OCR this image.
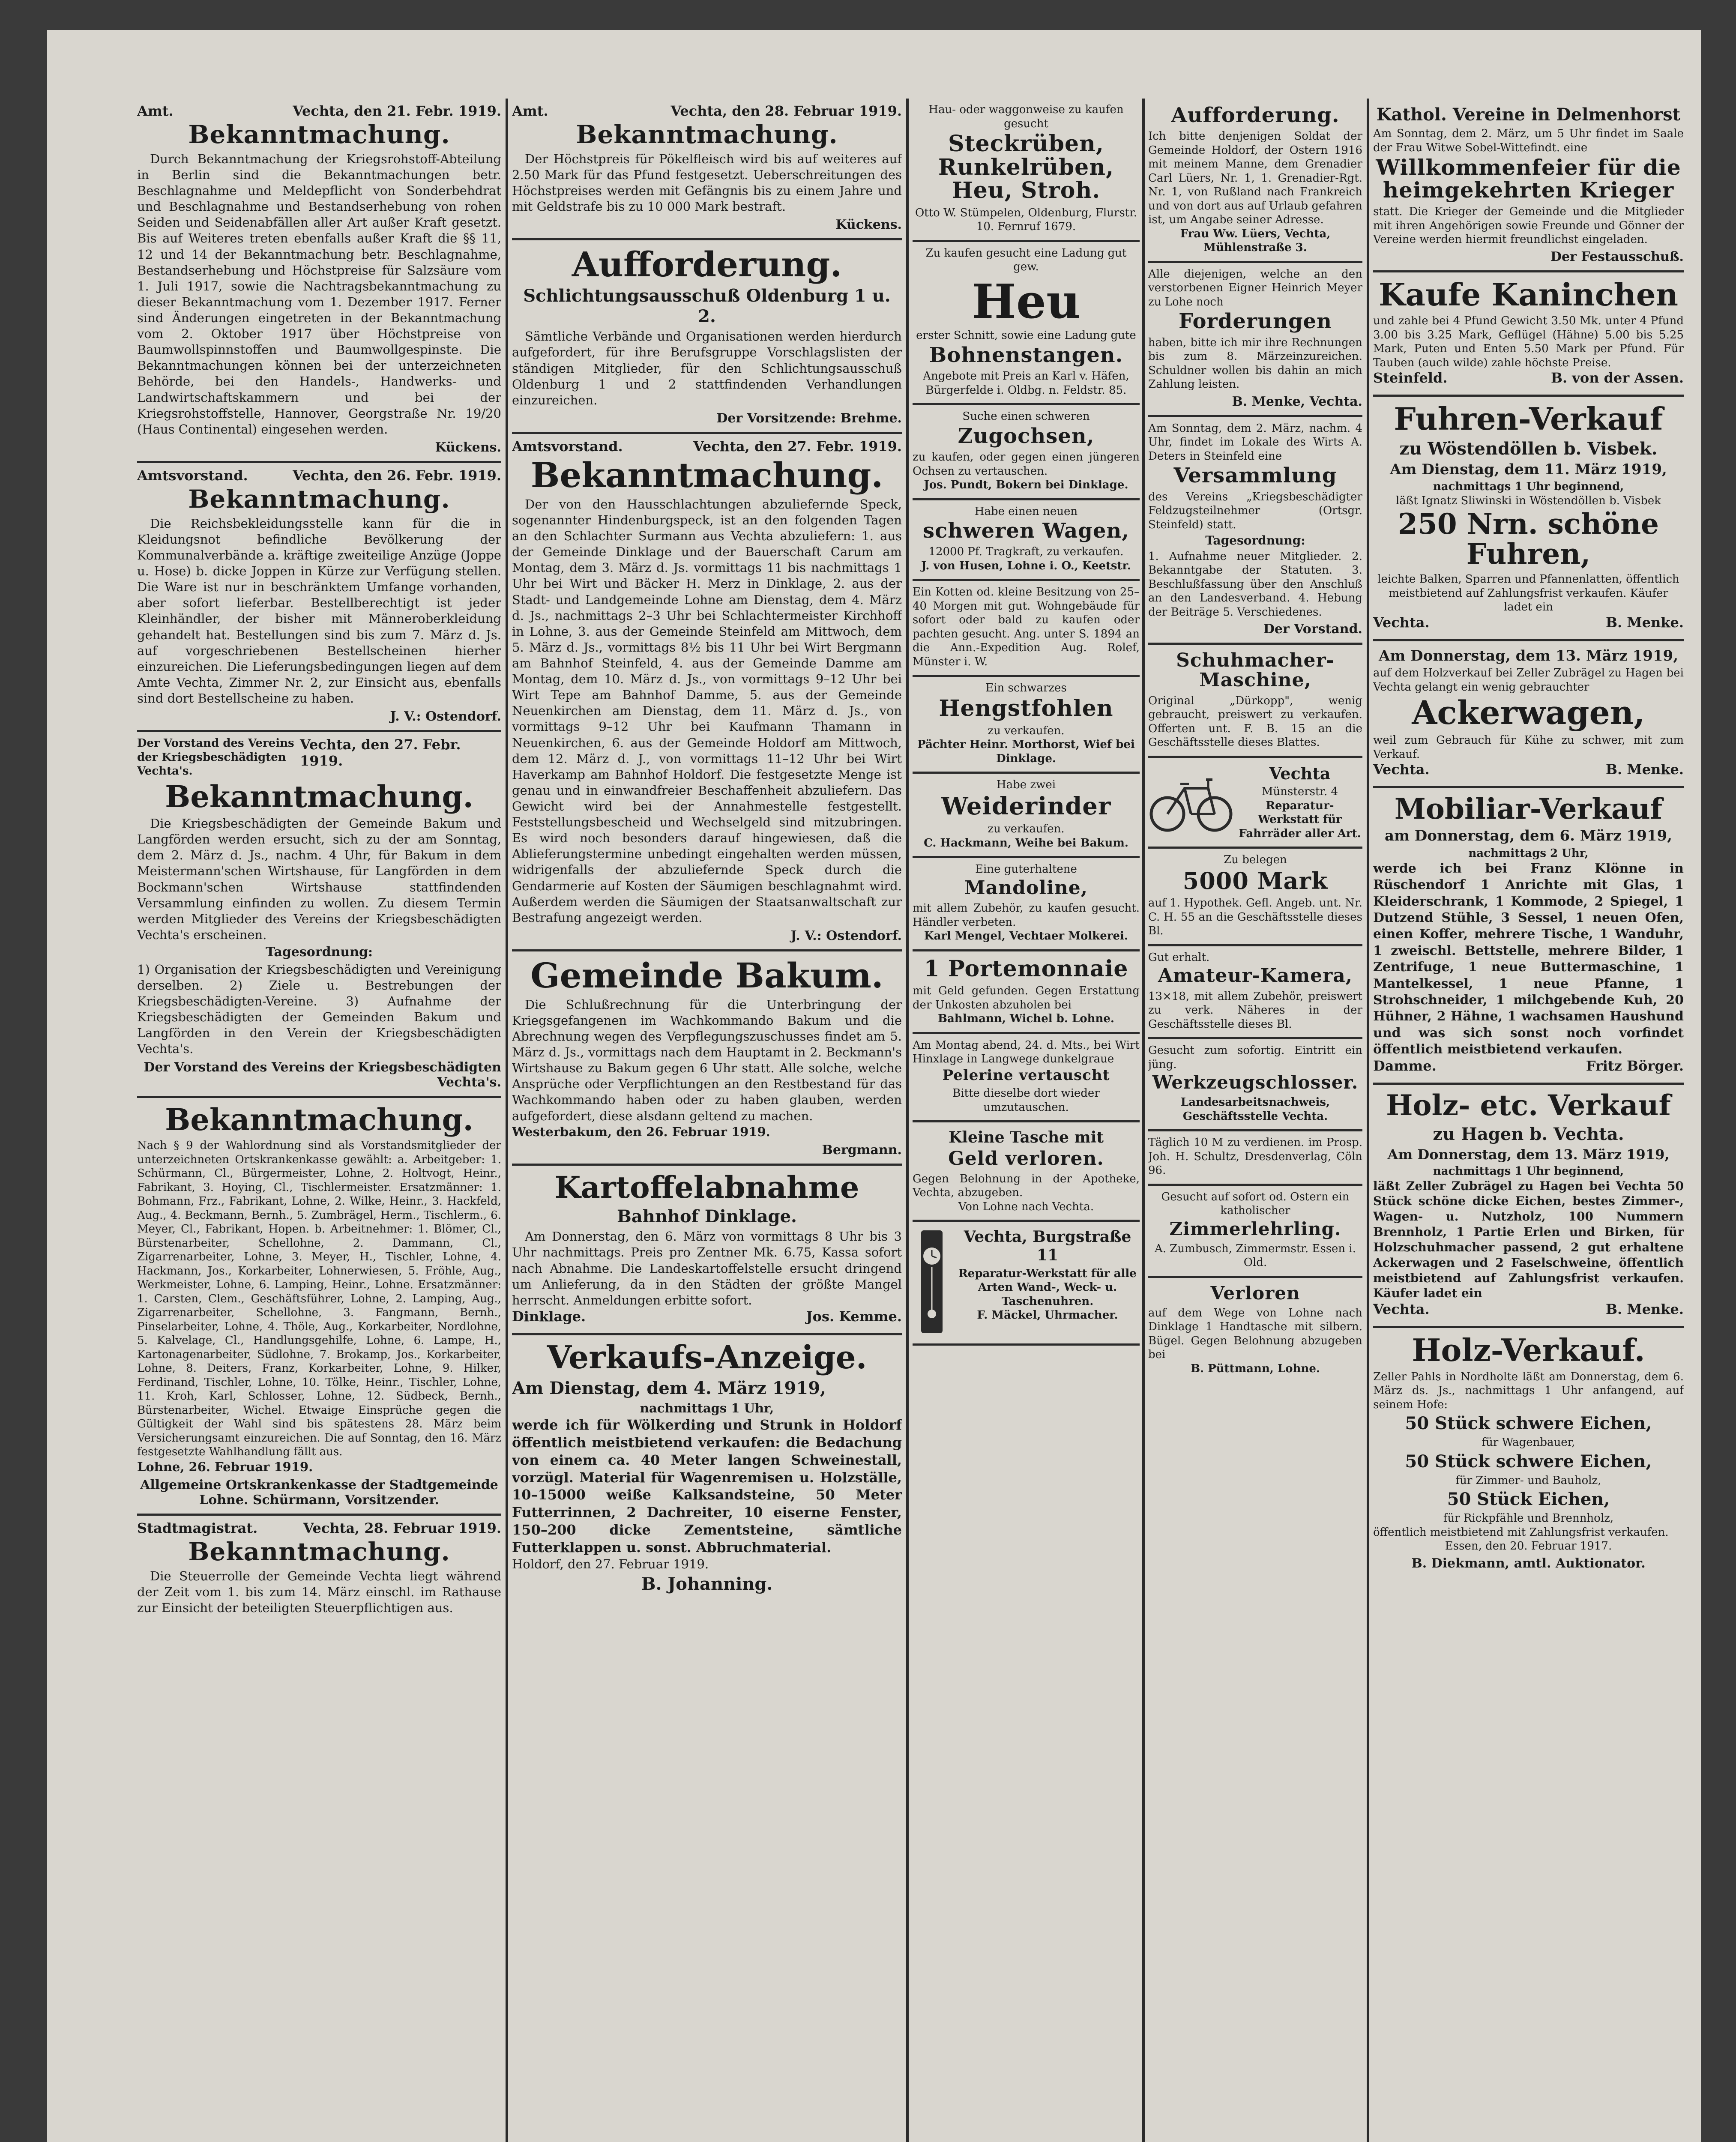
Amt.	Vechta, den 21. Febr. 1919.
Bekanntmachung.
Durch Bekanntmachung der Kriegsrohstoff-Abteilung in Berlin sind die Bekanntmachungen betr. Beschlagnahme und Meldepflicht von Sonderbehdrat und Beschlagnahme und Bestandserhebung von rohen Seiden und Seidenabfällen aller Art außer Kraft gesetzt. Bis auf Weiteres treten ebenfalls außer Kraft die §§ 11, 12 und 14 der Bekanntmachung betr. Beschlagnahme, Bestandserhebung und Höchstpreise für Salzsäure vom 1. Juli 1917, sowie die Nachtragsbekanntmachung zu dieser Bekanntmachung vom 1. Dezember 1917. Ferner sind Änderungen eingetreten in der Bekanntmachung vom 2. Oktober 1917 über Höchstpreise von Baumwollspinnstoffen und Baumwollgespinste. Die Bekanntmachungen können bei der unterzeichneten Behörde, bei den Handels-, Handwerks- und Landwirtschaftskammern und bei der Kriegsrohstoffstelle, Hannover, Georgstraße Nr. 19/20 (Haus Continental) eingesehen werden.
Kückens.
Amtsvorstand.	Vechta, den 26. Febr. 1919.
Bekanntmachung.
Die Reichsbekleidungsstelle kann für die in Kleidungsnot befindliche Bevölkerung der Kommunalverbände a. kräftige zweiteilige Anzüge (Joppe u. Hose) b. dicke Joppen in Kürze zur Verfügung stellen. Die Ware ist nur in beschränktem Umfange vorhanden, aber sofort lieferbar. Bestellberechtigt ist jeder Kleinhändler, der bisher mit Männeroberkleidung gehandelt hat. Bestellungen sind bis zum 7. März d. Js. auf vorgeschriebenen Bestellscheinen hierher einzureichen. Die Lieferungsbedingungen liegen auf dem Amte Vechta, Zimmer Nr. 2, zur Einsicht aus, ebenfalls sind dort Bestellscheine zu haben.
J. V.: Ostendorf.
Der Vorstand des Vereins der Kriegsbeschädigten Vechta's.
Vechta, den 27. Febr. 1919.
Bekanntmachung.
Die Kriegsbeschädigten der Gemeinde Bakum und Langförden werden ersucht, sich zu der am Sonntag, dem 2. März d. Js., nachm. 4 Uhr, für Bakum in dem Meistermann'schen Wirtshause, für Langförden in dem Bockmann'schen Wirtshause stattfindenden Versammlung einfinden zu wollen. Zu diesem Termin werden Mitglieder des Vereins der Kriegsbeschädigten Vechta's erscheinen.
Tagesordnung:
1) Organisation der Kriegsbeschädigten und Vereinigung derselben. 2) Ziele u. Bestrebungen der Kriegsbeschädigten-Vereine. 3) Aufnahme der Kriegsbeschädigten der Gemeinden Bakum und Langförden in den Verein der Kriegsbeschädigten Vechta's.
Der Vorstand des Vereins der Kriegsbeschädigten Vechta's.
Bekanntmachung.
Nach § 9 der Wahlordnung sind als Vorstandsmitglieder der unterzeichneten Ortskrankenkasse gewählt: a. Arbeitgeber: 1. Schürmann, Cl., Bürgermeister, Lohne, 2. Holtvogt, Heinr., Fabrikant, 3. Hoying, Cl., Tischlermeister. Ersatzmänner: 1. Bohmann, Frz., Fabrikant, Lohne, 2. Wilke, Heinr., 3. Hackfeld, Aug., 4. Beckmann, Bernh., 5. Zumbrägel, Herm., Tischlerm., 6. Meyer, Cl., Fabrikant, Hopen. b. Arbeitnehmer: 1. Blömer, Cl., Bürstenarbeiter, Schellohne, 2. Dammann, Cl., Zigarrenarbeiter, Lohne, 3. Meyer, H., Tischler, Lohne, 4. Hackmann, Jos., Korkarbeiter, Lohnerwiesen, 5. Fröhle, Aug., Werkmeister, Lohne, 6. Lamping, Heinr., Lohne. Ersatzmänner: 1. Carsten, Clem., Geschäftsführer, Lohne, 2. Lamping, Aug., Zigarrenarbeiter, Schellohne, 3. Fangmann, Bernh., Pinselarbeiter, Lohne, 4. Thöle, Aug., Korkarbeiter, Nordlohne, 5. Kalvelage, Cl., Handlungsgehilfe, Lohne, 6. Lampe, H., Kartonagenarbeiter, Südlohne, 7. Brokamp, Jos., Korkarbeiter, Lohne, 8. Deiters, Franz, Korkarbeiter, Lohne, 9. Hilker, Ferdinand, Tischler, Lohne, 10. Tölke, Heinr., Tischler, Lohne, 11. Kroh, Karl, Schlosser, Lohne, 12. Südbeck, Bernh., Bürstenarbeiter, Wichel. Etwaige Einsprüche gegen die Gültigkeit der Wahl sind bis spätestens 28. März beim Versicherungsamt einzureichen. Die auf Sonntag, den 16. März festgesetzte Wahlhandlung fällt aus.
Lohne, 26. Februar 1919.
Allgemeine Ortskrankenkasse der Stadtgemeinde Lohne. Schürmann, Vorsitzender.
Stadtmagistrat.	Vechta, 28. Februar 1919.
Bekanntmachung.
Die Steuerrolle der Gemeinde Vechta liegt während der Zeit vom 1. bis zum 14. März einschl. im Rathause zur Einsicht der beteiligten Steuerpflichtigen aus.
Amt.	Vechta, den 28. Februar 1919.
Bekanntmachung.
Der Höchstpreis für Pökelfleisch wird bis auf weiteres auf 2.50 Mark für das Pfund festgesetzt. Ueberschreitungen des Höchstpreises werden mit Gefängnis bis zu einem Jahre und mit Geldstrafe bis zu 10 000 Mark bestraft.
Kückens.
Aufforderung.
Schlichtungsausschuß Oldenburg 1 u. 2.
Sämtliche Verbände und Organisationen werden hierdurch aufgefordert, für ihre Berufsgruppe Vorschlagslisten der ständigen Mitglieder, für den Schlichtungsausschuß Oldenburg 1 und 2 stattfindenden Verhandlungen einzureichen.
Der Vorsitzende: Brehme.
Amtsvorstand.	Vechta, den 27. Febr. 1919.
Bekanntmachung.
Der von den Hausschlachtungen abzuliefernde Speck, sogenannter Hindenburgspeck, ist an den folgenden Tagen an den Schlachter Surmann aus Vechta abzuliefern: 1. aus der Gemeinde Dinklage und der Bauerschaft Carum am Montag, dem 3. März d. Js. vormittags 11 bis nachmittags 1 Uhr bei Wirt und Bäcker H. Merz in Dinklage, 2. aus der Stadt- und Landgemeinde Lohne am Dienstag, dem 4. März d. Js., nachmittags 2–3 Uhr bei Schlachtermeister Kirchhoff in Lohne, 3. aus der Gemeinde Steinfeld am Mittwoch, dem 5. März d. Js., vormittags 8½ bis 11 Uhr bei Wirt Bergmann am Bahnhof Steinfeld, 4. aus der Gemeinde Damme am Montag, dem 10. März d. Js., von vormittags 9–12 Uhr bei Wirt Tepe am Bahnhof Damme, 5. aus der Gemeinde Neuenkirchen am Dienstag, dem 11. März d. Js., von vormittags 9–12 Uhr bei Kaufmann Thamann in Neuenkirchen, 6. aus der Gemeinde Holdorf am Mittwoch, dem 12. März d. J., von vormittags 11–12 Uhr bei Wirt Haverkamp am Bahnhof Holdorf. Die festgesetzte Menge ist genau und in einwandfreier Beschaffenheit abzuliefern. Das Gewicht wird bei der Annahmestelle festgestellt. Feststellungsbescheid und Wechselgeld sind mitzubringen. Es wird noch besonders darauf hingewiesen, daß die Ablieferungstermine unbedingt eingehalten werden müssen, widrigenfalls der abzuliefernde Speck durch die Gendarmerie auf Kosten der Säumigen beschlagnahmt wird. Außerdem werden die Säumigen der Staatsanwaltschaft zur Bestrafung angezeigt werden.
J. V.: Ostendorf.
Gemeinde Bakum.
Die Schlußrechnung für die Unterbringung der Kriegsgefangenen im Wachkommando Bakum und die Abrechnung wegen des Verpflegungszuschusses findet am 5. März d. Js., vormittags nach dem Hauptamt in 2. Beckmann's Wirtshause zu Bakum gegen 6 Uhr statt. Alle solche, welche Ansprüche oder Verpflichtungen an den Restbestand für das Wachkommando haben oder zu haben glauben, werden aufgefordert, diese alsdann geltend zu machen.
Westerbakum, den 26. Februar 1919.
Bergmann.
Kartoffelabnahme
Bahnhof Dinklage.
Am Donnerstag, den 6. März von vormittags 8 Uhr bis 3 Uhr nachmittags. Preis pro Zentner Mk. 6.75, Kassa sofort nach Abnahme. Die Landeskartoffelstelle ersucht dringend um Anlieferung, da in den Städten der größte Mangel herrscht. Anmeldungen erbitte sofort.
Dinklage.	Jos. Kemme.
Verkaufs-Anzeige.
Am Dienstag, dem 4. März 1919,
nachmittags 1 Uhr,
werde ich für Wölkerding und Strunk in Holdorf öffentlich meistbietend verkaufen: die Bedachung von einem ca. 40 Meter langen Schweinestall, vorzügl. Material für Wagenremisen u. Holzställe, 10–15000 weiße Kalksandsteine, 50 Meter Futterrinnen, 2 Dachreiter, 10 eiserne Fenster, 150–200 dicke Zementsteine, sämtliche Futterklappen u. sonst. Abbruchmaterial.
Holdorf, den 27. Februar 1919.
B. Johanning.
Hau- oder waggonweise zu kaufen gesucht
Steckrüben, Runkelrüben, Heu, Stroh.
Otto W. Stümpelen, Oldenburg, Flurstr. 10. Fernruf 1679.
Zu kaufen gesucht eine Ladung gut gew.
Heu
erster Schnitt, sowie eine Ladung gute
Bohnenstangen.
Angebote mit Preis an Karl v. Häfen, Bürgerfelde i. Oldbg. n. Feldstr. 85.
Suche einen schweren
Zugochsen,
zu kaufen, oder gegen einen jüngeren Ochsen zu vertauschen.
Jos. Pundt, Bokern bei Dinklage.
Habe einen neuen
schweren Wagen,
12000 Pf. Tragkraft, zu verkaufen.
J. von Husen, Lohne i. O., Keetstr.
Ein Kotten od. kleine Besitzung von 25–40 Morgen mit gut. Wohngebäude für sofort oder bald zu kaufen oder pachten gesucht. Ang. unter S. 1894 an die Ann.-Expedition Aug. Rolef, Münster i. W.
Ein schwarzes
Hengstfohlen
zu verkaufen.
Pächter Heinr. Morthorst, Wief bei Dinklage.
Habe zwei
Weiderinder
zu verkaufen.
C. Hackmann, Weihe bei Bakum.
Eine guterhaltene
Mandoline,
mit allem Zubehör, zu kaufen gesucht. Händler verbeten.
Karl Mengel, Vechtaer Molkerei.
1 Portemonnaie
mit Geld gefunden. Gegen Erstattung der Unkosten abzuholen bei
Bahlmann, Wichel b. Lohne.
Am Montag abend, 24. d. Mts., bei Wirt Hinxlage in Langwege dunkelgraue
Pelerine vertauscht
Bitte dieselbe dort wieder umzutauschen.
Kleine Tasche mit
Geld verloren.
Gegen Belohnung in der Apotheke, Vechta, abzugeben.
Von Lohne nach Vechta.
Vechta, Burgstraße 11
Reparatur-Werkstatt für alle Arten Wand-, Weck- u. Taschenuhren.
F. Mäckel, Uhrmacher.
Aufforderung.
Ich bitte denjenigen Soldat der Gemeinde Holdorf, der Ostern 1916 mit meinem Manne, dem Grenadier Carl Lüers, Nr. 1, 1. Grenadier-Rgt. Nr. 1, von Rußland nach Frankreich und von dort aus auf Urlaub gefahren ist, um Angabe seiner Adresse.
Frau Ww. Lüers, Vechta, Mühlenstraße 3.
Alle diejenigen, welche an den verstorbenen Eigner Heinrich Meyer zu Lohe noch
Forderungen
haben, bitte ich mir ihre Rechnungen bis zum 8. Märzeinzureichen. Schuldner wollen bis dahin an mich Zahlung leisten.
B. Menke, Vechta.
Am Sonntag, dem 2. März, nachm. 4 Uhr, findet im Lokale des Wirts A. Deters in Steinfeld eine
Versammlung
des Vereins „Kriegsbeschädigter Feldzugsteilnehmer (Ortsgr. Steinfeld) statt.
Tagesordnung:
1. Aufnahme neuer Mitglieder. 2. Bekanntgabe der Statuten. 3. Beschlußfassung über den Anschluß an den Landesverband. 4. Hebung der Beiträge 5. Verschiedenes.
Der Vorstand.
Schuhmacher-Maschine,
Original „Dürkopp", wenig gebraucht, preiswert zu verkaufen. Offerten unt. F. B. 15 an die Geschäftsstelle dieses Blattes.
Vechta
Münsterstr. 4
Reparatur-Werkstatt für Fahrräder aller Art.
Zu belegen
5000 Mark
auf 1. Hypothek. Gefl. Angeb. unt. Nr. C. H. 55 an die Geschäftsstelle dieses Bl.
Gut erhalt.
Amateur-Kamera,
13×18, mit allem Zubehör, preiswert zu verk. Näheres in der Geschäftsstelle dieses Bl.
Gesucht zum sofortig. Eintritt ein jüng.
Werkzeugschlosser.
Landesarbeitsnachweis, Geschäftsstelle Vechta.
Täglich 10 M zu verdienen. im Prosp. Joh. H. Schultz, Dresdenverlag, Cöln 96.
Gesucht auf sofort od. Ostern ein katholischer
Zimmerlehrling.
A. Zumbusch, Zimmermstr. Essen i. Old.
Verloren
auf dem Wege von Lohne nach Dinklage 1 Handtasche mit silbern. Bügel. Gegen Belohnung abzugeben bei
B. Püttmann, Lohne.
Kathol. Vereine in Delmenhorst
Am Sonntag, dem 2. März, um 5 Uhr findet im Saale der Frau Witwe Sobel-Wittefindt. eine
Willkommenfeier für die heimgekehrten Krieger
statt. Die Krieger der Gemeinde und die Mitglieder mit ihren Angehörigen sowie Freunde und Gönner der Vereine werden hiermit freundlichst eingeladen.
Der Festausschuß.
Kaufe Kaninchen
und zahle bei 4 Pfund Gewicht 3.50 Mk. unter 4 Pfund 3.00 bis 3.25 Mark, Geflügel (Hähne) 5.00 bis 5.25 Mark, Puten und Enten 5.50 Mark per Pfund. Für Tauben (auch wilde) zahle höchste Preise.
Steinfeld.	B. von der Assen.
Fuhren-Verkauf
zu Wöstendöllen b. Visbek.
Am Dienstag, dem 11. März 1919,
nachmittags 1 Uhr beginnend,
läßt Ignatz Sliwinski in Wöstendöllen b. Visbek
250 Nrn. schöne Fuhren,
leichte Balken, Sparren und Pfannenlatten, öffentlich meistbietend auf Zahlungsfrist verkaufen. Käufer ladet ein
Vechta.	B. Menke.
Am Donnerstag, dem 13. März 1919,
auf dem Holzverkauf bei Zeller Zubrägel zu Hagen bei Vechta gelangt ein wenig gebrauchter
Ackerwagen,
weil zum Gebrauch für Kühe zu schwer, mit zum Verkauf.
Vechta.	B. Menke.
Mobiliar-Verkauf
am Donnerstag, dem 6. März 1919,
nachmittags 2 Uhr,
werde ich bei Franz Klönne in Rüschendorf 1 Anrichte mit Glas, 1 Kleiderschrank, 1 Kommode, 2 Spiegel, 1 Dutzend Stühle, 3 Sessel, 1 neuen Ofen, einen Koffer, mehrere Tische, 1 Wanduhr, 1 zweischl. Bettstelle, mehrere Bilder, 1 Zentrifuge, 1 neue Buttermaschine, 1 Mantelkessel, 1 neue Pfanne, 1 Strohschneider, 1 milchgebende Kuh, 20 Hühner, 2 Hähne, 1 wachsamen Haushund und was sich sonst noch vorfindet öffentlich meistbietend verkaufen.
Damme.	Fritz Börger.
Holz- etc. Verkauf
zu Hagen b. Vechta.
Am Donnerstag, dem 13. März 1919,
nachmittags 1 Uhr beginnend,
läßt Zeller Zubrägel zu Hagen bei Vechta 50 Stück schöne dicke Eichen, bestes Zimmer-, Wagen- u. Nutzholz, 100 Nummern Brennholz, 1 Partie Erlen und Birken, für Holzschuhmacher passend, 2 gut erhaltene Ackerwagen und 2 Faselschweine, öffentlich meistbietend auf Zahlungsfrist verkaufen. Käufer ladet ein
Vechta.	B. Menke.
Holz-Verkauf.
Zeller Pahls in Nordholte läßt am Donnerstag, dem 6. März ds. Js., nachmittags 1 Uhr anfangend, auf seinem Hofe:
50 Stück schwere Eichen,
für Wagenbauer,
50 Stück schwere Eichen,
für Zimmer- und Bauholz,
50 Stück Eichen,
für Rickpfähle und Brennholz,
öffentlich meistbietend mit Zahlungsfrist verkaufen.
Essen, den 20. Februar 1917.
B. Diekmann, amtl. Auktionator.
